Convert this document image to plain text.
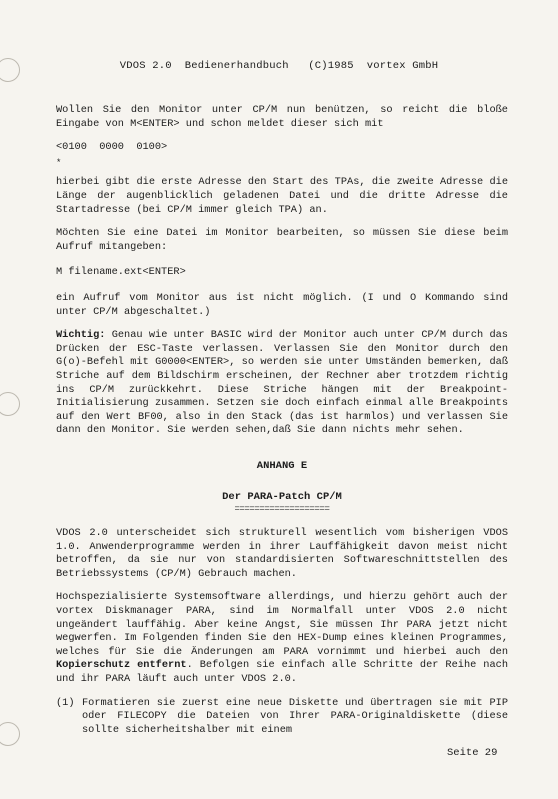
VDOS 2.0  Bedienerhandbuch   (C)1985  vortex GmbH

Wollen Sie den Monitor unter CP/M nun benützen, so reicht die bloße Eingabe von M<ENTER> und schon meldet dieser sich mit

<0100  0000  0100>
*

hierbei gibt die erste Adresse den Start des TPAs, die zweite Adresse die Länge der augenblicklich geladenen Datei und die dritte Adresse die Startadresse (bei CP/M immer gleich TPA) an.

Möchten Sie eine Datei im Monitor bearbeiten, so müssen Sie diese beim Aufruf mitangeben:

M filename.ext<ENTER>

ein Aufruf vom Monitor aus ist nicht möglich. (I und O Kommando sind unter CP/M abgeschaltet.)

Wichtig: Genau wie unter BASIC wird der Monitor auch unter CP/M durch das Drücken der ESC-Taste verlassen. Verlassen Sie den Monitor durch den G(o)-Befehl mit G0000<ENTER>, so werden sie unter Umständen bemerken, daß Striche auf dem Bildschirm erscheinen, der Rechner aber trotzdem richtig ins CP/M zurückkehrt. Diese Striche hängen mit der Breakpoint-Initialisierung zusammen. Setzen sie doch einfach einmal alle Breakpoints auf den Wert BF00, also in den Stack (das ist harmlos) und verlassen Sie dann den Monitor. Sie werden sehen,daß Sie dann nichts mehr sehen.

ANHANG E
Der PARA-Patch CP/M
===================

VDOS 2.0 unterscheidet sich strukturell wesentlich vom bisherigen VDOS 1.0. Anwenderprogramme werden in ihrer Lauffähigkeit davon meist nicht betroffen, da sie nur von standardisierten Softwareschnittstellen des Betriebssystems (CP/M) Gebrauch machen.

Hochspezialisierte Systemsoftware allerdings, und hierzu gehört auch der vortex Diskmanager PARA, sind im Normalfall unter VDOS 2.0 nicht ungeändert lauffähig. Aber keine Angst, Sie müssen Ihr PARA jetzt nicht wegwerfen. Im Folgenden finden Sie den HEX-Dump eines kleinen Programmes, welches für Sie die Änderungen am PARA vornimmt und hierbei auch den Kopierschutz entfernt. Befolgen sie einfach alle Schritte der Reihe nach und ihr PARA läuft auch unter VDOS 2.0.

(1) Formatieren sie zuerst eine neue Diskette und übertragen sie mit PIP oder FILECOPY die Dateien von Ihrer PARA-Originaldiskette (diese sollte sicherheitshalber mit einem
Seite 29
